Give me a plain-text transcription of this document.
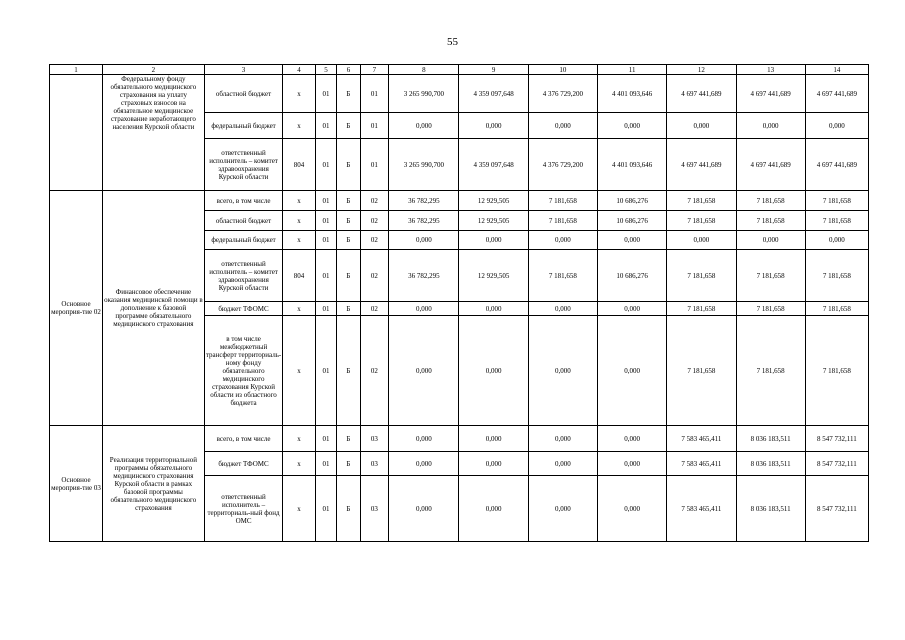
55
1	2	3	4	5	6	7	8	9	10	11	12	13	14
	Федеральному фонду обязательного медицинского страхования на уплату страховых взносов на обязательное медицинское страхование неработающего населения Курской области	областной бюджет	х	01	Б	01	3 265 990,700	4 359 097,648	4 376 729,200	4 401 093,646	4 697 441,689	4 697 441,689	4 697 441,689
		федеральный бюджет	х	01	Б	01	0,000	0,000	0,000	0,000	0,000	0,000	0,000
		ответственный исполнитель – комитет здравоохранения Курской области	804	01	Б	01	3 265 990,700	4 359 097,648	4 376 729,200	4 401 093,646	4 697 441,689	4 697 441,689	4 697 441,689
Основное мероприя-тие 02	Финансовое обеспечение оказания медицинской помощи в дополнение к базовой программе обязательного медицинского страхования	всего, в том числе	х	01	Б	02	36 782,295	12 929,505	7 181,658	10 686,276	7 181,658	7 181,658	7 181,658
		областной бюджет	х	01	Б	02	36 782,295	12 929,505	7 181,658	10 686,276	7 181,658	7 181,658	7 181,658
		федеральный бюджет	х	01	Б	02	0,000	0,000	0,000	0,000	0,000	0,000	0,000
		ответственный исполнитель – комитет здравоохранения Курской области	804	01	Б	02	36 782,295	12 929,505	7 181,658	10 686,276	7 181,658	7 181,658	7 181,658
		бюджет ТФОМС	х	01	Б	02	0,000	0,000	0,000	0,000	7 181,658	7 181,658	7 181,658
		в том числе межбюджетный трансферт территориаль-ному фонду обязательного медицинского страхования Курской области из областного бюджета	х	01	Б	02	0,000	0,000	0,000	0,000	7 181,658	7 181,658	7 181,658
Основное мероприя-тие 03	Реализация территориальной программы обязательного медицинского страхования Курской области в рамках базовой программы обязательного медицинского страхования	всего, в том числе	х	01	Б	03	0,000	0,000	0,000	0,000	7 583 465,411	8 036 183,511	8 547 732,111
		бюджет ТФОМС	х	01	Б	03	0,000	0,000	0,000	0,000	7 583 465,411	8 036 183,511	8 547 732,111
		ответственный исполнитель – территориаль-ный фонд ОМС	х	01	Б	03	0,000	0,000	0,000	0,000	7 583 465,411	8 036 183,511	8 547 732,111
